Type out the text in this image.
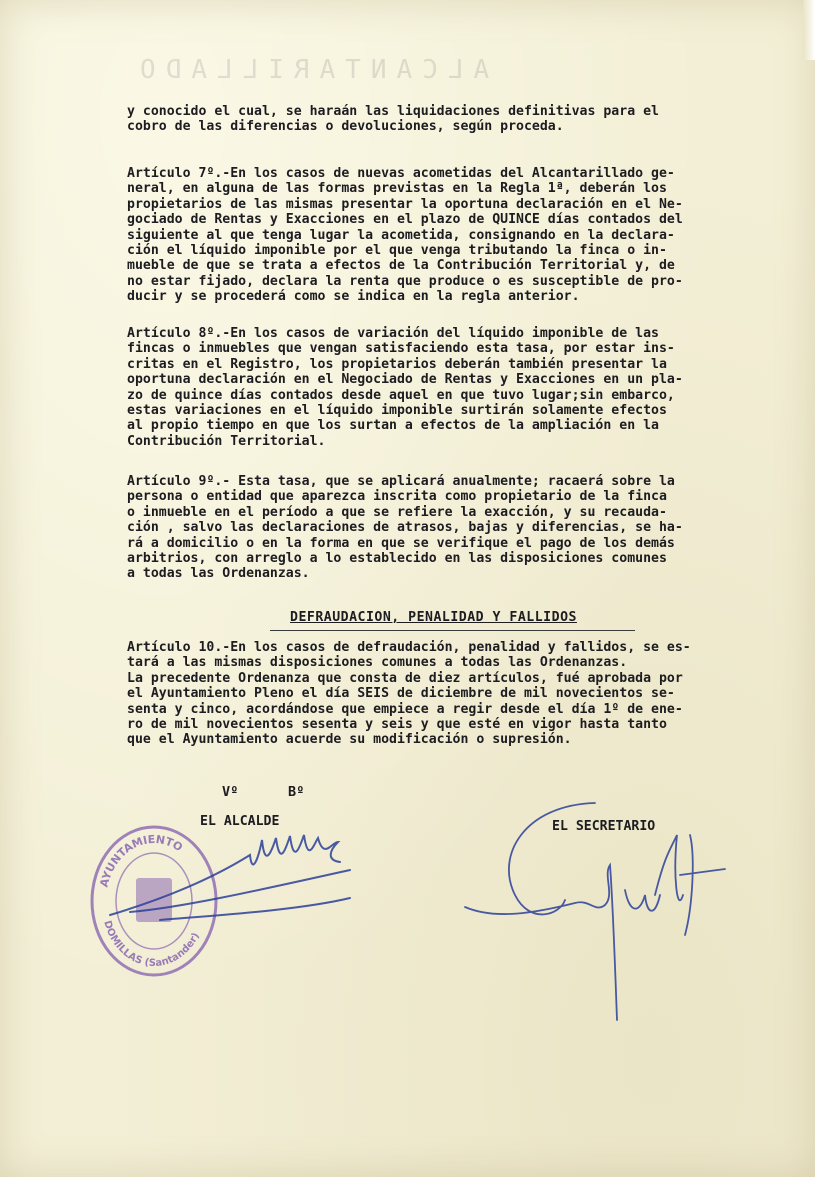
ALCANTARILLADO
y conocido el cual, se haraán las liquidaciones definitivas para el
cobro de las diferencias o devoluciones, según proceda.
Artículo 7º.-En los casos de nuevas acometidas del Alcantarillado ge-
neral, en alguna de las formas previstas en la Regla 1ª, deberán los
propietarios de las mismas presentar la oportuna declaración en el Ne-
gociado de Rentas y Exacciones en el plazo de QUINCE días contados del
siguiente al que tenga lugar la acometida, consignando en la declara-
ción el líquido imponible por el que venga tributando la finca o in-
mueble de que se trata a efectos de la Contribución Territorial y, de
no estar fijado, declara la renta que produce o es susceptible de pro-
ducir y se procederá como se indica en la regla anterior.
Artículo 8º.-En los casos de variación del líquido imponible de las
fincas o inmuebles que vengan satisfaciendo esta tasa, por estar ins-
critas en el Registro, los propietarios deberán también presentar la
oportuna declaración en el Negociado de Rentas y Exacciones en un pla-
zo de quince días contados desde aquel en que tuvo lugar;sin embarco,
estas variaciones en el líquido imponible surtirán solamente efectos
al propio tiempo en que los surtan a efectos de la ampliación en la
Contribución Territorial.
Artículo 9º.- Esta tasa, que se aplicará anualmente; racaerá sobre la
persona o entidad que aparezca inscrita como propietario de la finca
o inmueble en el período a que se refiere la exacción, y su recauda-
ción , salvo las declaraciones de atrasos, bajas y diferencias, se ha-
rá a domicilio o en la forma en que se verifique el pago de los demás
arbitrios, con arreglo a lo establecido en las disposiciones comunes
a todas las Ordenanzas.
DEFRAUDACION, PENALIDAD Y FALLIDOS
Artículo 10.-En los casos de defraudación, penalidad y fallidos, se es-
tará a las mismas disposiciones comunes a todas las Ordenanzas.
La precedente Ordenanza que consta de diez artículos, fué aprobada por
el Ayuntamiento Pleno el día SEIS de diciembre de mil novecientos se-
senta y cinco, acordándose que empiece a regir desde el día 1º de ene-
ro de mil novecientos sesenta y seis y que esté en vigor hasta tanto
que el Ayuntamiento acuerde su modificación o supresión.
Vº	Bº
EL ALCALDE	EL SECRETARIO
AYUNTAMIENTO
DOMILLAS (Santander)
